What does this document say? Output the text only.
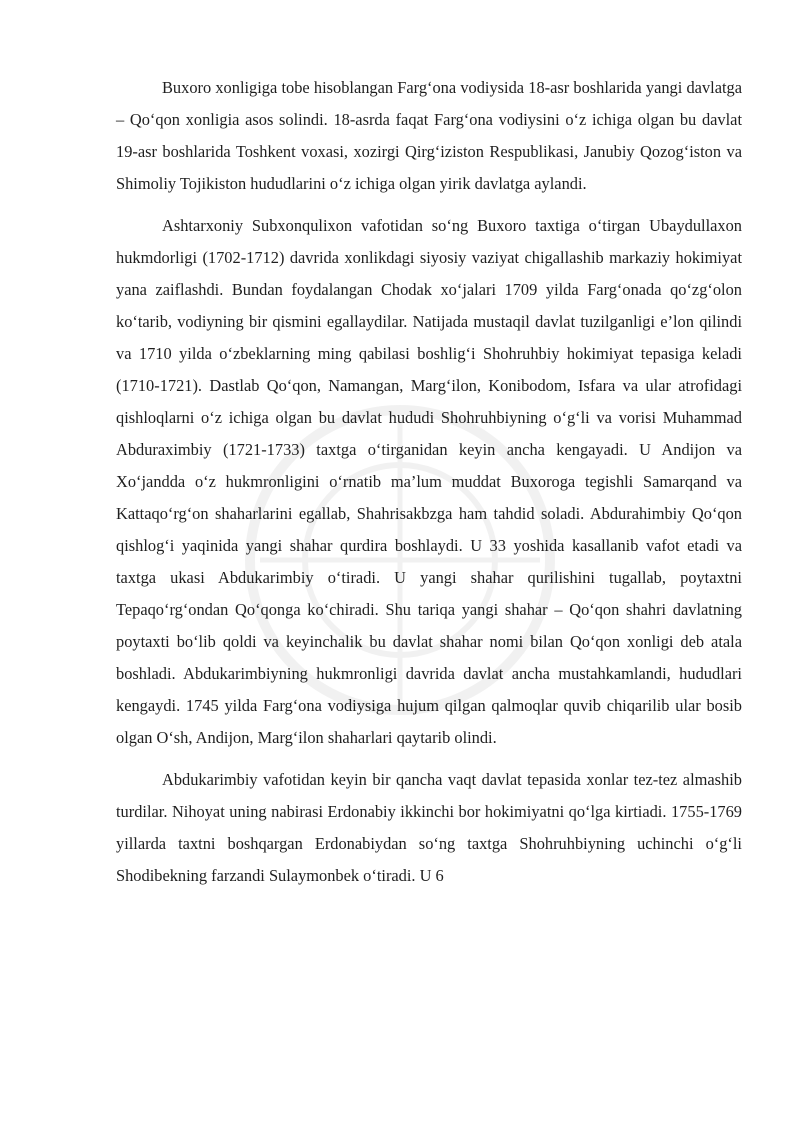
Buxoro xonligiga tobe hisoblangan Farg‘ona vodiysida 18-asr boshlarida yangi davlatga – Qo‘qon xonligia asos solindi. 18-asrda faqat Farg‘ona vodiysini o‘z ichiga olgan bu davlat 19-asr boshlarida Toshkent voxasi, xozirgi Qirg‘iziston Respublikasi, Janubiy Qozog‘iston va Shimoliy Tojikiston hududlarini o‘z ichiga olgan yirik davlatga aylandi.

Ashtarxoniy Subxonqulixon vafotidan so‘ng Buxoro taxtiga o‘tirgan Ubaydullaxon hukmdorligi (1702-1712) davrida xonlikdagi siyosiy vaziyat chigallashib markaziy hokimiyat yana zaiflashdi. Bundan foydalangan Chodak xo‘jalari 1709 yilda Farg‘onada qo‘zg‘olon ko‘tarib, vodiyning bir qismini egallaydilar. Natijada mustaqil davlat tuzilganligi e’lon qilindi va 1710 yilda o‘zbeklarning ming qabilasi boshlig‘i Shohruhbiy hokimiyat tepasiga keladi (1710-1721). Dastlab Qo‘qon, Namangan, Marg‘ilon, Konibodom, Isfara va ular atrofidagi qishloqlarni o‘z ichiga olgan bu davlat hududi Shohruhbiyning o‘g‘li va vorisi Muhammad Abduraximbiy (1721-1733) taxtga o‘tirganidan keyin ancha kengayadi. U Andijon va Xo‘jandda o‘z hukmronligini o‘rnatib ma’lum muddat Buxoroga tegishli Samarqand va Kattaqo‘rg‘on shaharlarini egallab, Shahrisakbzga ham tahdid soladi. Abdurahimbiy Qo‘qon qishlog‘i yaqinida yangi shahar qurdira boshlaydi. U 33 yoshida kasallanib vafot etadi va taxtga ukasi Abdukarimbiy o‘tiradi. U yangi shahar qurilishini tugallab, poytaxtni Tepaqo‘rg‘ondan Qo‘qonga ko‘chiradi. Shu tariqa yangi shahar – Qo‘qon shahri davlatning poytaxti bo‘lib qoldi va keyinchalik bu davlat shahar nomi bilan Qo‘qon xonligi deb atala boshladi. Abdukarimbiyning hukmronligi davrida davlat ancha mustahkamlandi, hududlari kengaydi. 1745 yilda Farg‘ona vodiysiga hujum qilgan qalmoqlar quvib chiqarilib ular bosib olgan O‘sh, Andijon, Marg‘ilon shaharlari qaytarib olindi.

Abdukarimbiy vafotidan keyin bir qancha vaqt davlat tepasida xonlar tez-tez almashib turdilar. Nihoyat uning nabirasi Erdonabiy ikkinchi bor hokimiyatni qo‘lga kirtiadi. 1755-1769 yillarda taxtni boshqargan Erdonabiydan so‘ng taxtga Shohruhbiyning uchinchi o‘g‘li Shodibekning farzandi Sulaymonbek o‘tiradi. U 6
